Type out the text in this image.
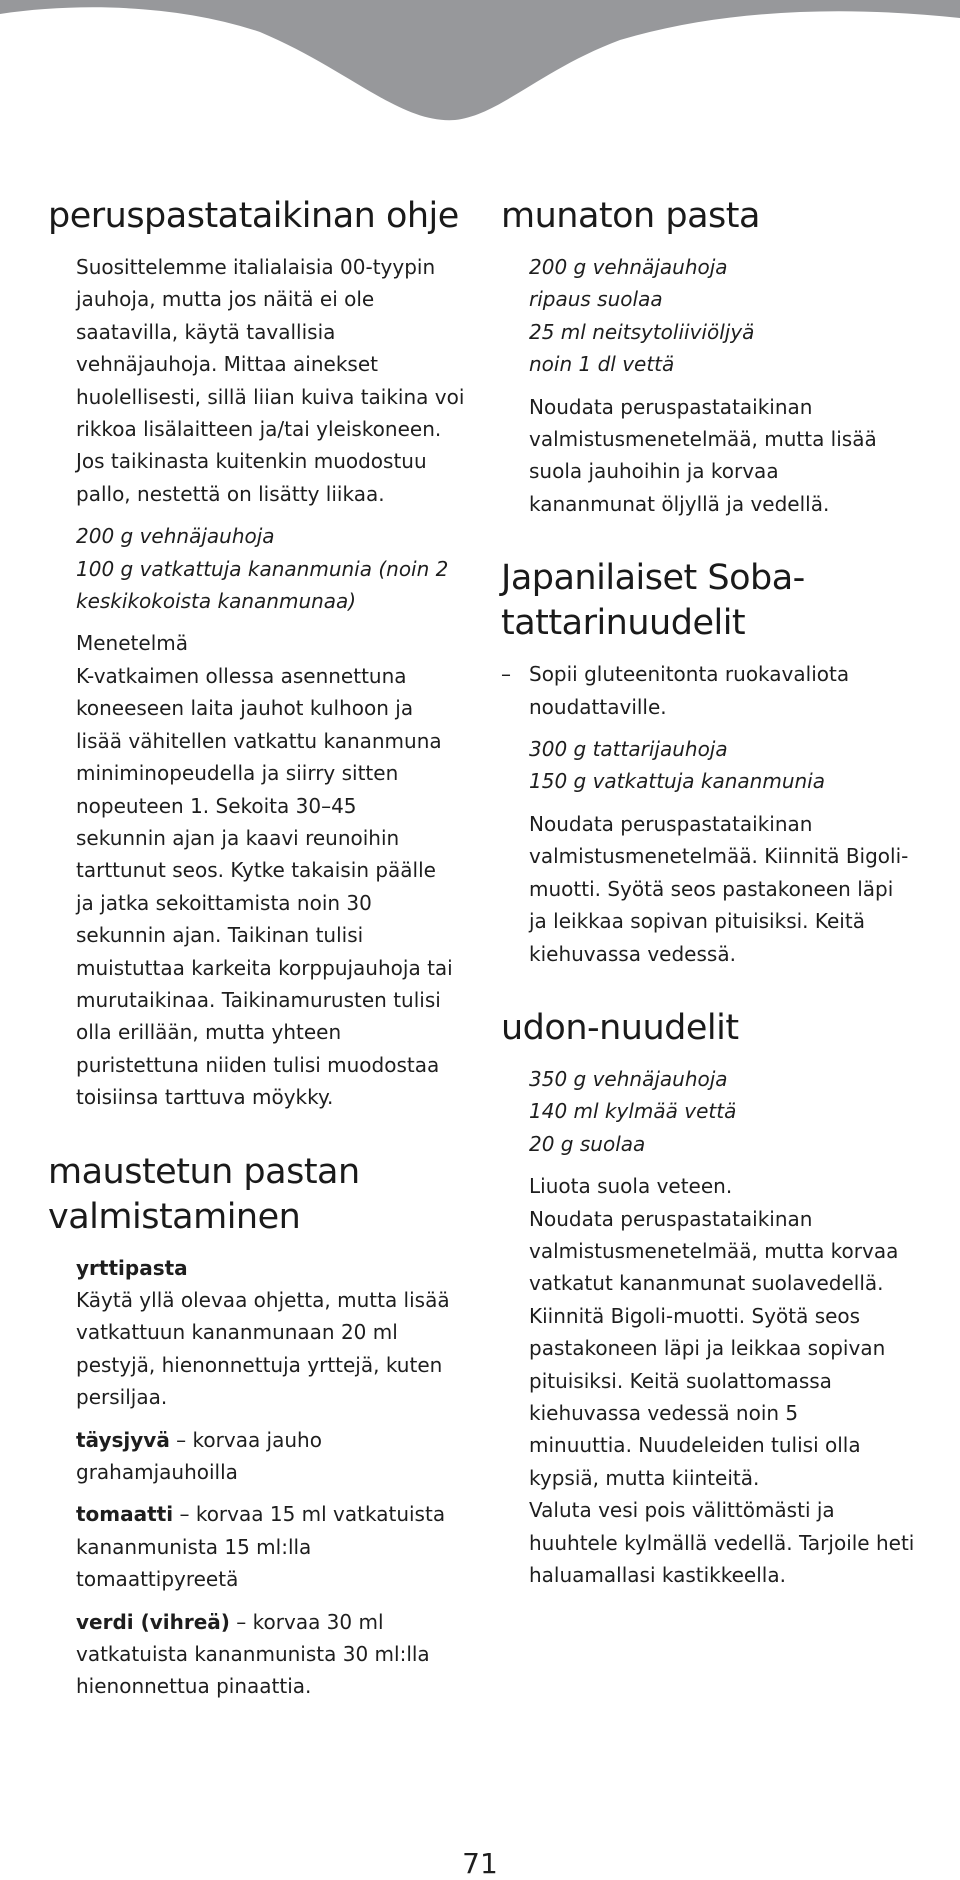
peruspastataikinan ohje

Suosittelemme italialaisia 00-tyypin
jauhoja, mutta jos näitä ei ole
saatavilla, käytä tavallisia
vehnäjauhoja. Mittaa ainekset
huolellisesti, sillä liian kuiva taikina voi
rikkoa lisälaitteen ja/tai yleiskoneen.
Jos taikinasta kuitenkin muodostuu
pallo, nestettä on lisätty liikaa.

200 g vehnäjauhoja
100 g vatkattuja kananmunia (noin 2
keskikokoista kananmunaa)

Menetelmä
K-vatkaimen ollessa asennettuna
koneeseen laita jauhot kulhoon ja
lisää vähitellen vatkattu kananmuna
miniminopeudella ja siirry sitten
nopeuteen 1. Sekoita 30–45
sekunnin ajan ja kaavi reunoihin
tarttunut seos. Kytke takaisin päälle
ja jatka sekoittamista noin 30
sekunnin ajan. Taikinan tulisi
muistuttaa karkeita korppujauhoja tai
murutaikinaa. Taikinamurusten tulisi
olla erillään, mutta yhteen
puristettuna niiden tulisi muodostaa
toisiinsa tarttuva möykky.

maustetun pastan
valmistaminen

yrttipasta
Käytä yllä olevaa ohjetta, mutta lisää
vatkattuun kananmunaan 20 ml
pestyjä, hienonnettuja yrttejä, kuten
persiljaa.

täysjyvä – korvaa jauho
grahamjauhoilla

tomaatti – korvaa 15 ml vatkatuista
kananmunista 15 ml:lla
tomaattipyreetä

verdi (vihreä) – korvaa 30 ml
vatkatuista kananmunista 30 ml:lla
hienonnettua pinaattia.

munaton pasta

200 g vehnäjauhoja
ripaus suolaa
25 ml neitsytoliiviöljyä
noin 1 dl vettä

Noudata peruspastataikinan
valmistusmenetelmää, mutta lisää
suola jauhoihin ja korvaa
kananmunat öljyllä ja vedellä.

Japanilaiset Soba-
tattarinuudelit
– Sopii gluteenitonta ruokavaliota
noudattaville.

300 g tattarijauhoja
150 g vatkattuja kananmunia

Noudata peruspastataikinan
valmistusmenetelmää. Kiinnitä Bigoli-
muotti. Syötä seos pastakoneen läpi
ja leikkaa sopivan pituisiksi. Keitä
kiehuvassa vedessä.

udon-nuudelit

350 g vehnäjauhoja
140 ml kylmää vettä
20 g suolaa

Liuota suola veteen.
Noudata peruspastataikinan
valmistusmenetelmää, mutta korvaa
vatkatut kananmunat suolavedellä.
Kiinnitä Bigoli-muotti. Syötä seos
pastakoneen läpi ja leikkaa sopivan
pituisiksi. Keitä suolattomassa
kiehuvassa vedessä noin 5
minuuttia. Nuudeleiden tulisi olla
kypsiä, mutta kiinteitä.
Valuta vesi pois välittömästi ja
huuhtele kylmällä vedellä. Tarjoile heti
haluamallasi kastikkeella.

71
